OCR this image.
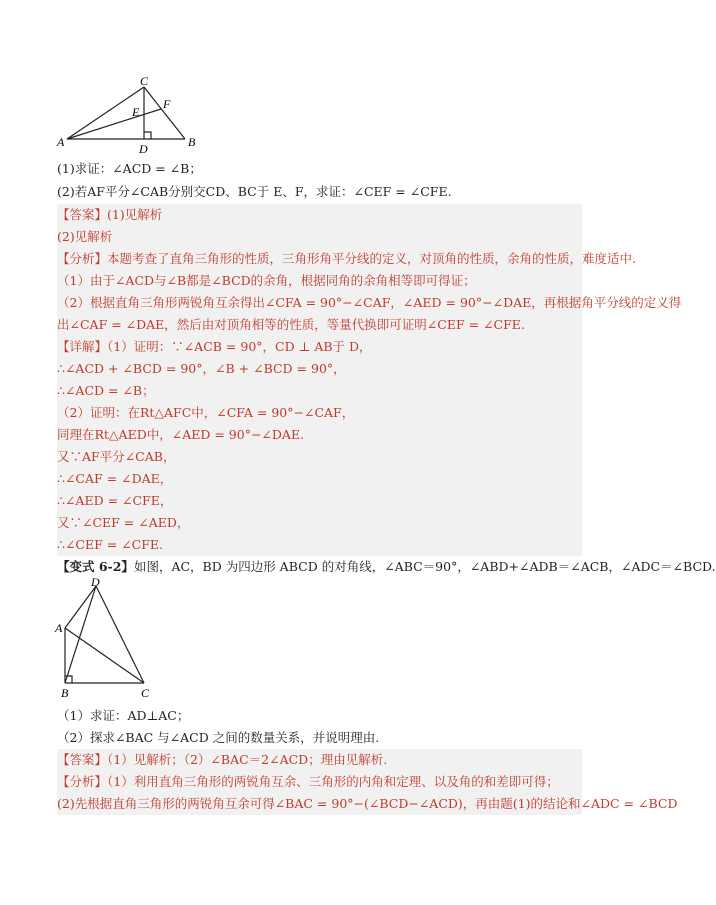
A	B
C
D
E
F
(1)求证：∠ACD = ∠B；
(2)若AF平分∠CAB分别交CD、BC于 E、F，求证：∠CEF = ∠CFE.
【答案】(1)见解析
(2)见解析
【分析】本题考查了直角三角形的性质，三角形角平分线的定义，对顶角的性质，余角的性质，难度适中.
（1）由于∠ACD与∠B都是∠BCD的余角，根据同角的余角相等即可得证；
（2）根据直角三角形两锐角互余得出∠CFA = 90°−∠CAF，∠AED = 90°−∠DAE，再根据角平分线的定义得
出∠CAF = ∠DAE，然后由对顶角相等的性质，等量代换即可证明∠CEF = ∠CFE.
【详解】（1）证明：∵∠ACB = 90°，CD ⊥ AB于 D，
∴∠ACD + ∠BCD = 90°，∠B + ∠BCD = 90°，
∴∠ACD = ∠B；
（2）证明：在Rt△AFC中，∠CFA = 90°−∠CAF，
同理在Rt△AED中，∠AED = 90°−∠DAE.
又∵AF平分∠CAB，
∴∠CAF = ∠DAE，
∴∠AED = ∠CFE，
又∵∠CEF = ∠AED，
∴∠CEF = ∠CFE.
【变式 6-2】如图，AC，BD 为四边形 ABCD 的对角线，∠ABC＝90°，∠ABD+∠ADB＝∠ACB，∠ADC＝∠BCD.
D
A
B	C
（1）求证：AD⊥AC；
（2）探求∠BAC 与∠ACD 之间的数量关系，并说明理由.
【答案】（1）见解析；（2）∠BAC＝2∠ACD；理由见解析.
【分析】（1）利用直角三角形的两锐角互余、三角形的内角和定理、以及角的和差即可得；
(2)先根据直角三角形的两锐角互余可得∠BAC = 90°−(∠BCD−∠ACD)，再由题(1)的结论和∠ADC = ∠BCD
